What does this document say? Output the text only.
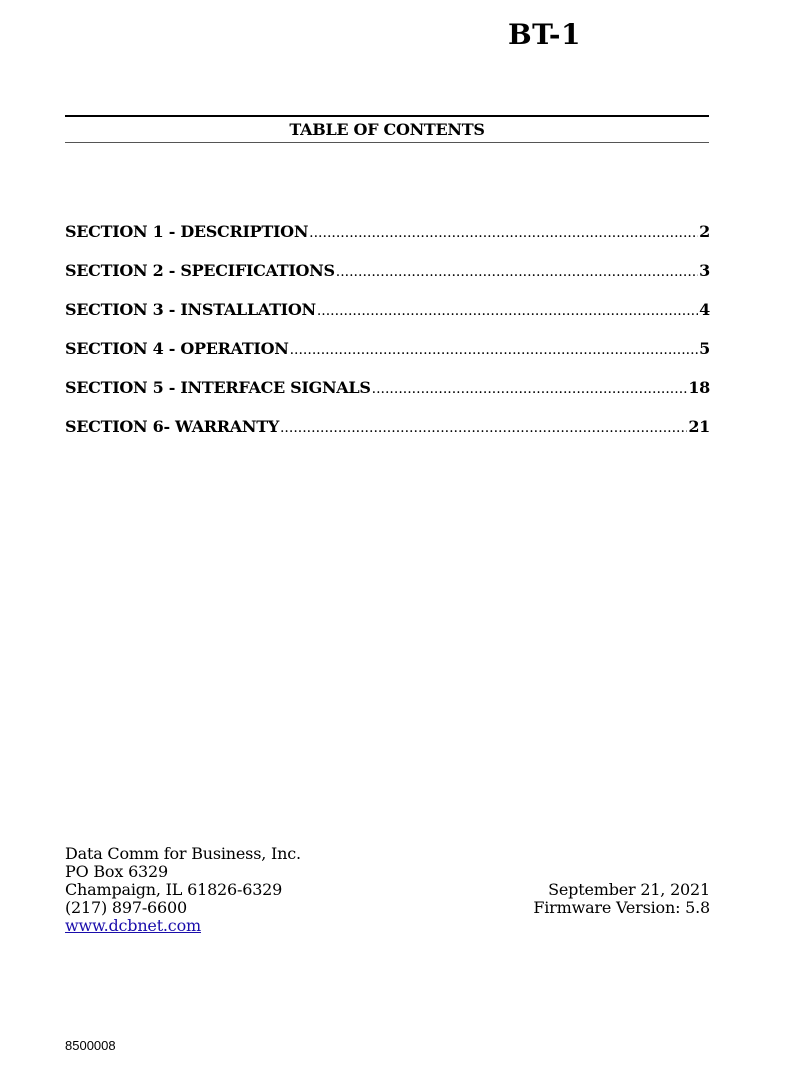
BT-1
TABLE OF CONTENTS
SECTION 1 - DESCRIPTION .....	2
SECTION 2 - SPECIFICATIONS .....	3
SECTION 3 - INSTALLATION .....	4
SECTION 4 - OPERATION .....	5
SECTION 5 - INTERFACE SIGNALS .....	18
SECTION 6- WARRANTY .....	21
Data Comm for Business, Inc.
PO Box 6329
Champaign, IL 61826-6329
(217) 897-6600
www.dcbnet.com
September 21, 2021
Firmware Version: 5.8
8500008
